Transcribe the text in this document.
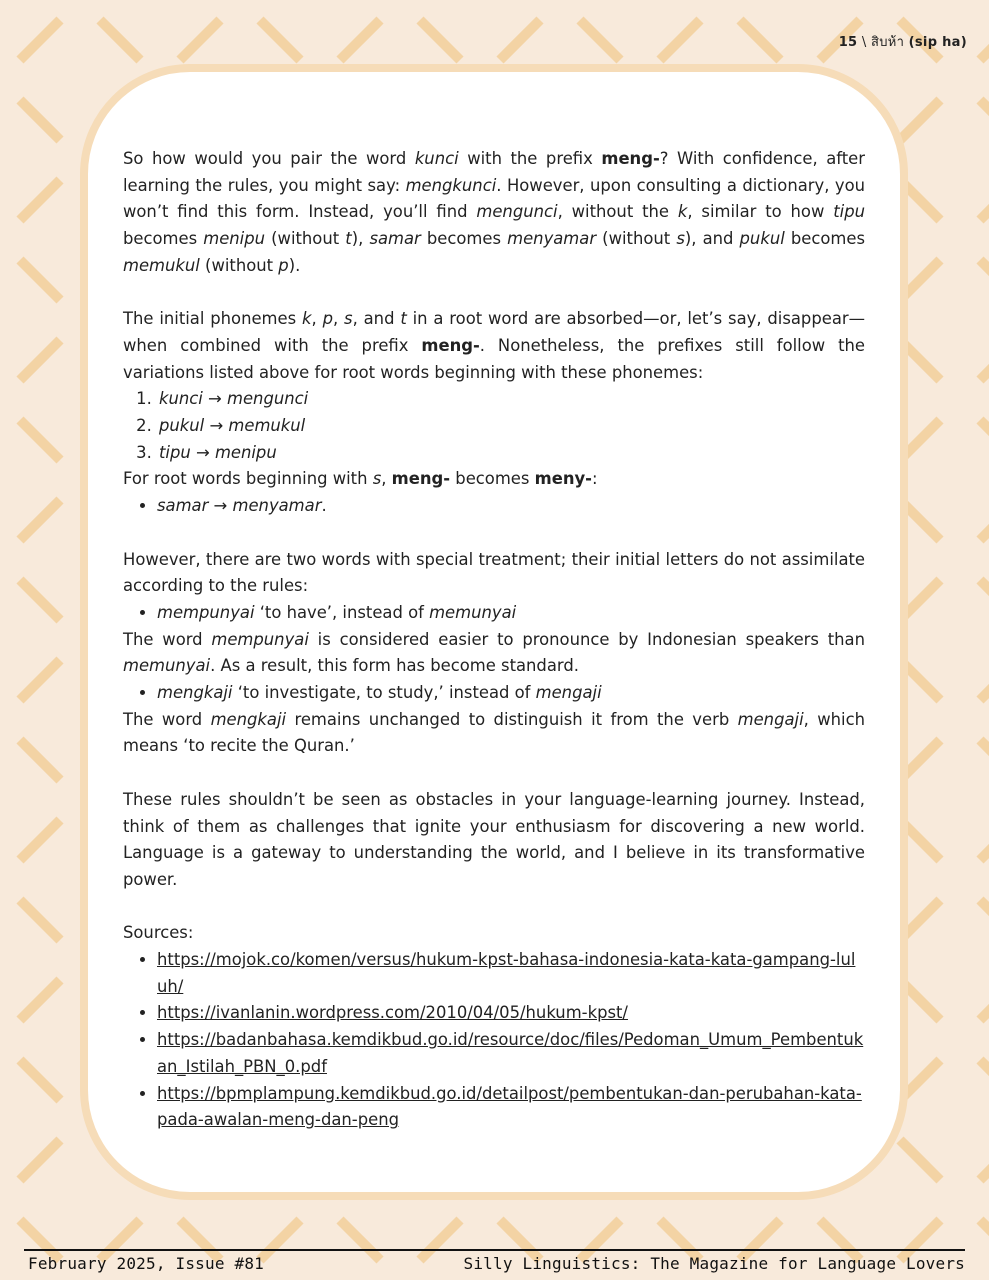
15 \ สิบห้า (sip ha)

So how would you pair the word kunci with the prefix meng-? With confidence, after learning the rules, you might say: mengkunci. However, upon consulting a dictionary, you won’t find this form. Instead, you’ll find mengunci, without the k, similar to how tipu becomes menipu (without t), samar becomes menyamar (without s), and pukul becomes memukul (without p).

The initial phonemes k, p, s, and t in a root word are absorbed—or, let’s say, disappear—when combined with the prefix meng-. Nonetheless, the prefixes still follow the variations listed above for root words beginning with these phonemes:

1. kunci → mengunci
2. pukul → memukul
3. tipu → menipu

For root words beginning with s, meng- becomes meny-:

• samar → menyamar.

However, there are two words with special treatment; their initial letters do not assimilate according to the rules:

• mempunyai ‘to have’, instead of memunyai

The word mempunyai is considered easier to pronounce by Indonesian speakers than memunyai. As a result, this form has become standard.

• mengkaji ‘to investigate, to study,’ instead of mengaji

The word mengkaji remains unchanged to distinguish it from the verb mengaji, which means ‘to recite the Quran.’

These rules shouldn’t be seen as obstacles in your language-learning journey. Instead, think of them as challenges that ignite your enthusiasm for discovering a new world. Language is a gateway to understanding the world, and I believe in its transformative power.

Sources:

• https://mojok.co/komen/versus/hukum-kpst-bahasa-indonesia-kata-kata-gampang-luluh/
• https://ivanlanin.wordpress.com/2010/04/05/hukum-kpst/
• https://badanbahasa.kemdikbud.go.id/resource/doc/files/Pedoman_Umum_Pembentukan_Istilah_PBN_0.pdf
• https://bpmplampung.kemdikbud.go.id/detailpost/pembentukan-dan-perubahan-kata-pada-awalan-meng-dan-peng
February 2025, Issue #81	Silly Linguistics: The Magazine for Language Lovers
